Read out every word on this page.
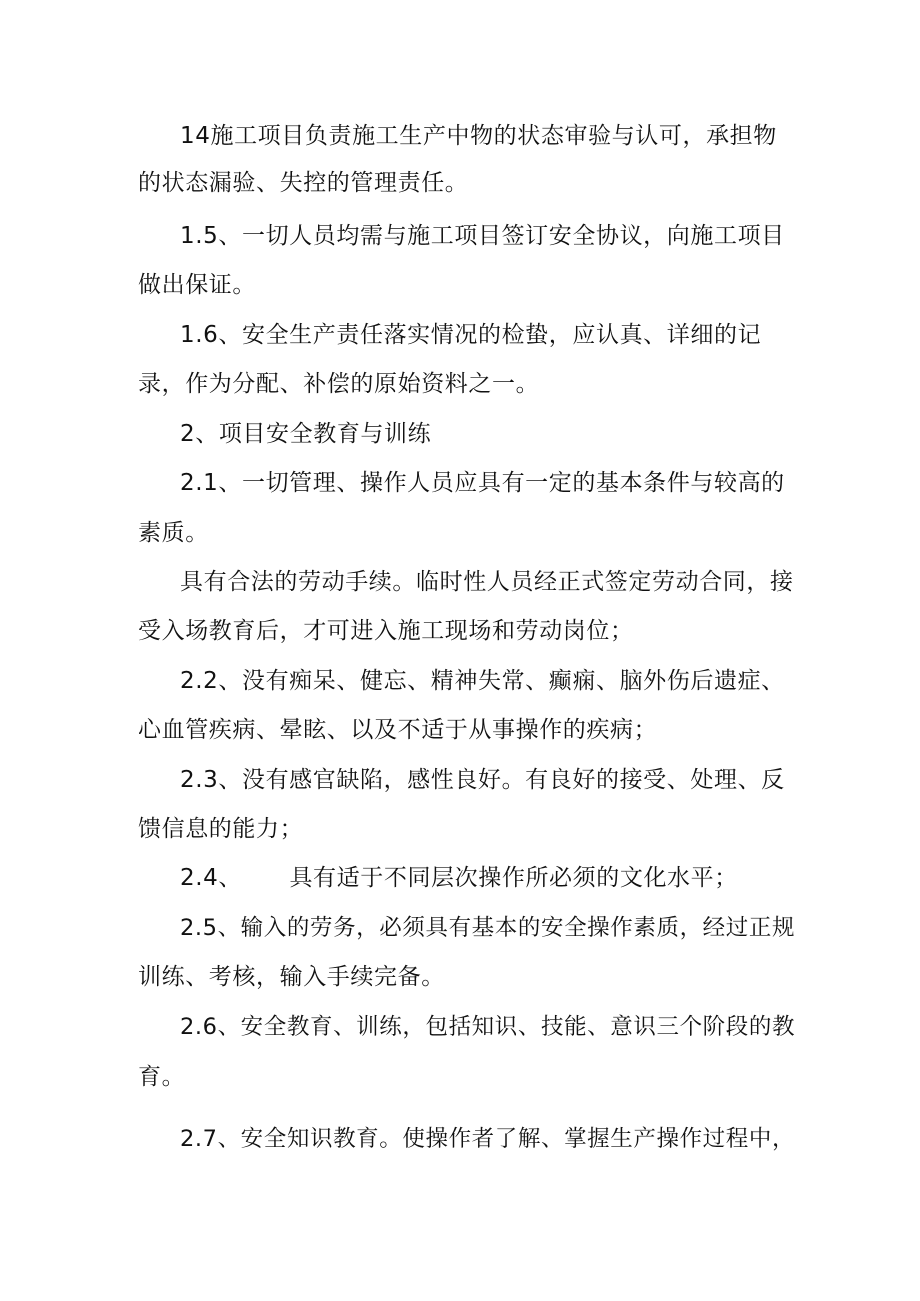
14施工项目负责施工生产中物的状态审验与认可，承担物
的状态漏验、失控的管理责任。
1.5、一切人员均需与施工项目签订安全协议，向施工项目
做出保证。
1.6、安全生产责任落实情况的检蛰，应认真、详细的记
录，作为分配、补偿的原始资料之一。
2、项目安全教育与训练
2.1、一切管理、操作人员应具有一定的基本条件与较高的
素质。
具有合法的劳动手续。临时性人员经正式签定劳动合同，接
受入场教育后，才可进入施工现场和劳动岗位；
2.2、没有痴呆、健忘、精神失常、癫痫、脑外伤后遗症、
心血管疾病、晕眩、以及不适于从事操作的疾病；
2.3、没有感官缺陷，感性良好。有良好的接受、处理、反
馈信息的能力；
2.4、      具有适于不同层次操作所必须的文化水平；
2.5、输入的劳务，必须具有基本的安全操作素质，经过正规
训练、考核，输入手续完备。
2.6、安全教育、训练，包括知识、技能、意识三个阶段的教
育。
2.7、安全知识教育。使操作者了解、掌握生产操作过程中，
